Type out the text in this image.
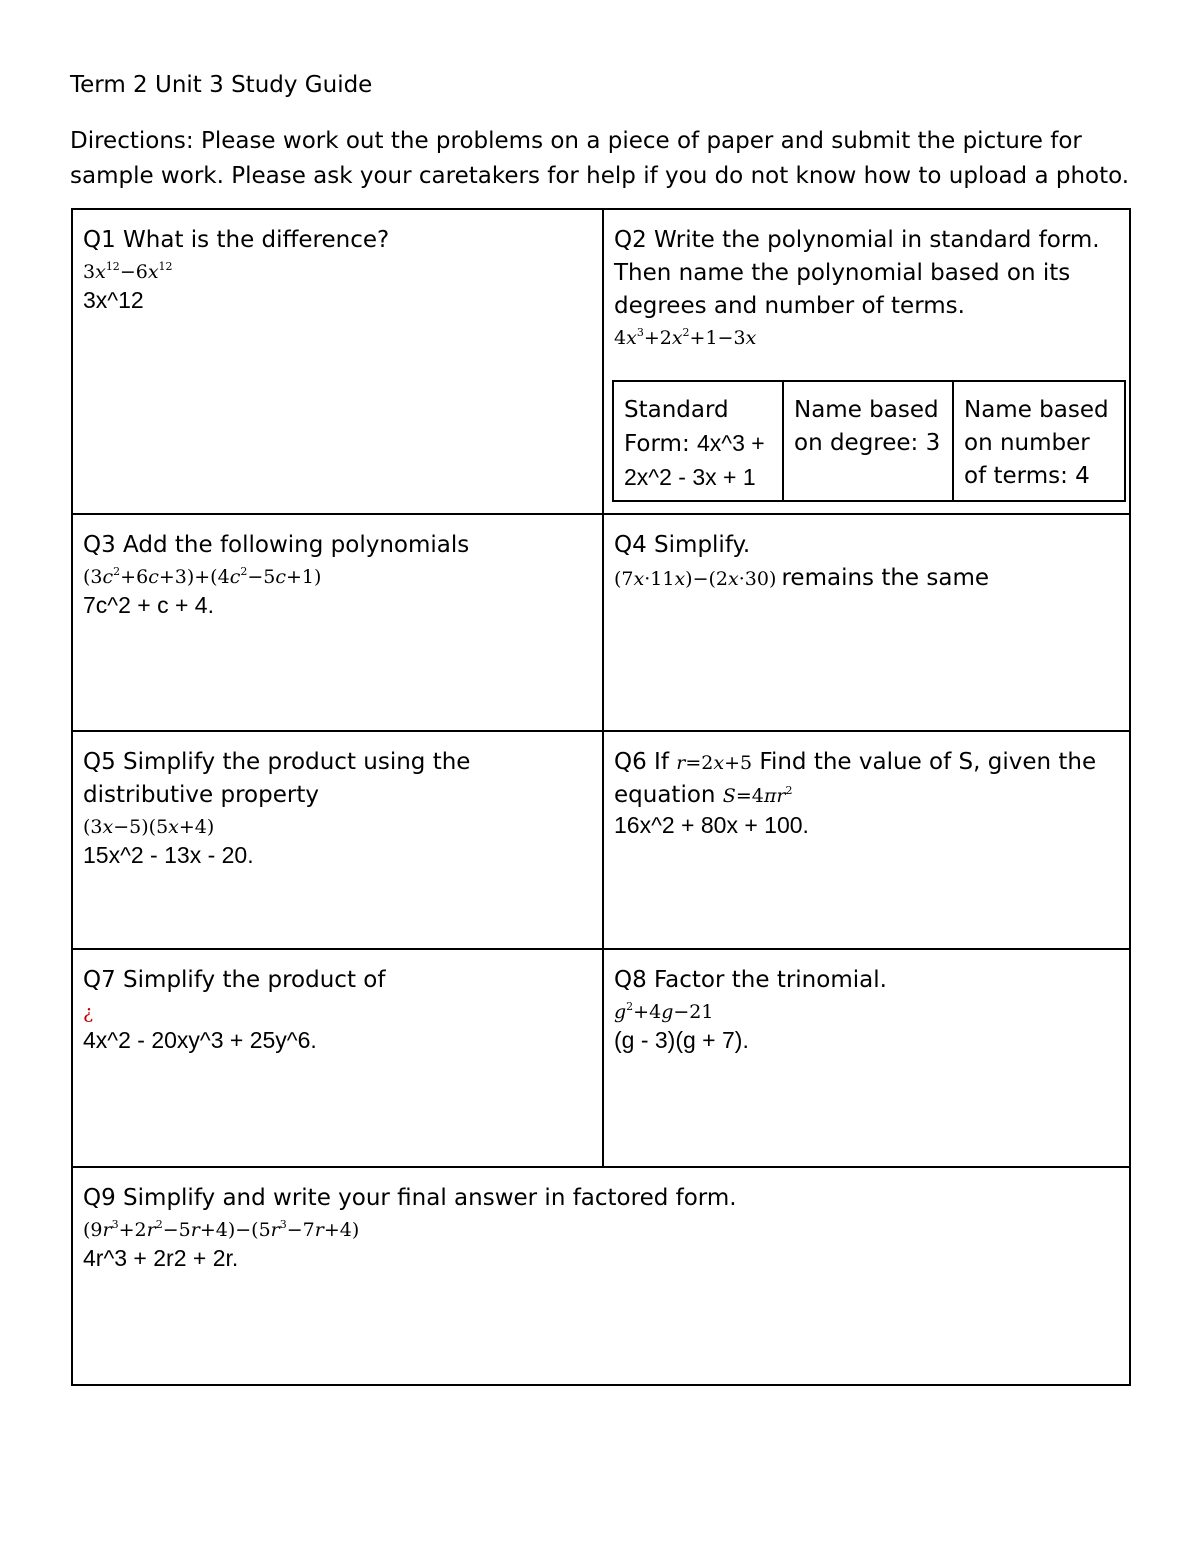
Term 2 Unit 3 Study Guide
Directions: Please work out the problems on a piece of paper and submit the picture for sample work. Please ask your caretakers for help if you do not know how to upload a photo.
Q1 What is the difference?
$3x^{12}-6x^{12}$
3x^12
Q2 Write the polynomial in standard form. Then name the polynomial based on its degrees and number of terms.
$4x^3+2x^2+1-3x$
Standard Form: 4x^3 + 2x^2 - 3x + 1
Name based on degree: 3
Name based on number of terms: 4
Q3 Add the following polynomials
$(3c^2+6c+3)+(4c^2-5c+1)$
7c^2 + c + 4.
Q4 Simplify.
(7x·11x)−(2x·30) remains the same
Q5 Simplify the product using the
distributive property
(3x−5)(5x+4)
15x^2 - 13x - 20.
Q6 If r=2x+5 Find the value of S, given the equation $S=4\pi r^2$
16x^2 + 80x + 100.
Q7 Simplify the product of
¿
4x^2 - 20xy^3 + 25y^6.
Q8 Factor the trinomial.
$g^2+4g-21$
(g - 3)(g + 7).
Q9 Simplify and write your final answer in factored form.
$(9r^3+2r^2-5r+4)-(5r^3-7r+4)$
4r^3 + 2r2 + 2r.
